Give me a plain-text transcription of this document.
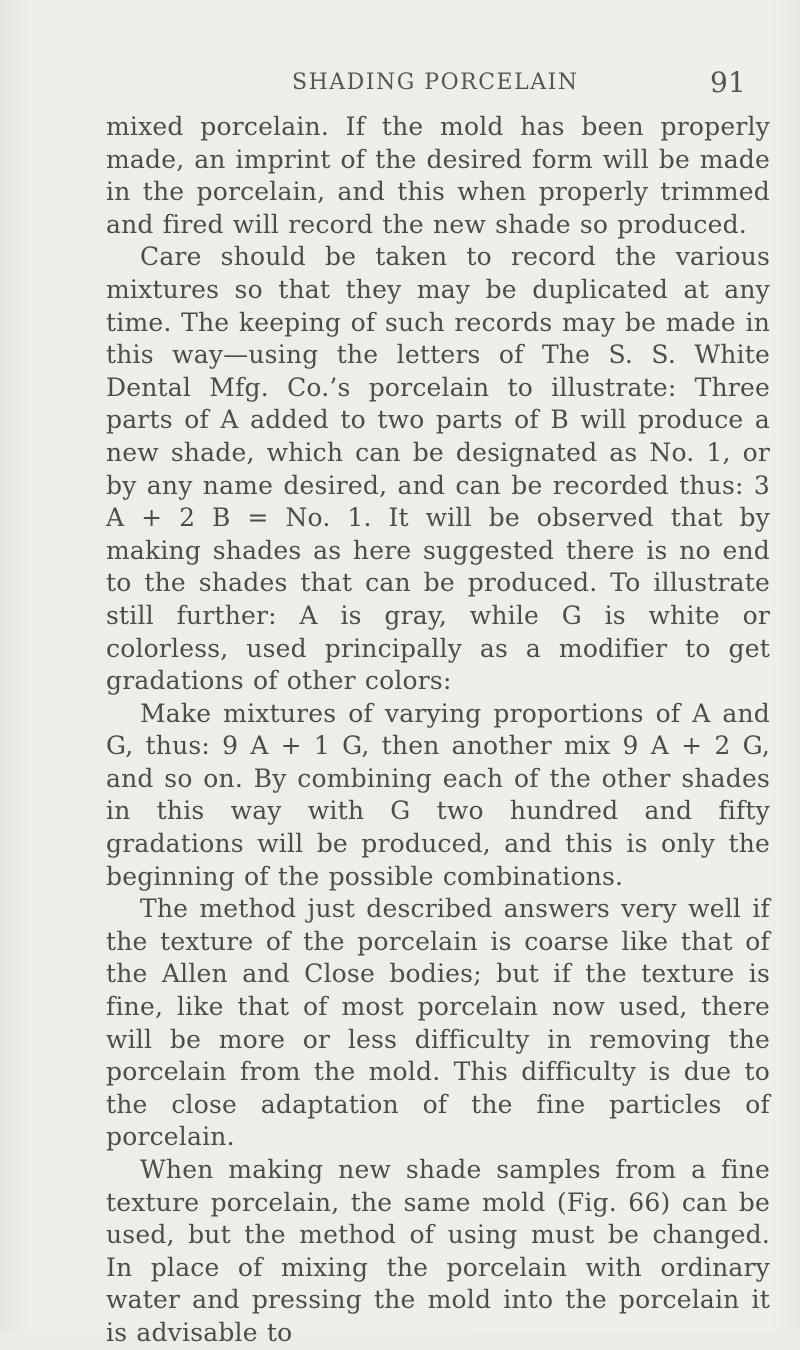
SHADING PORCELAIN	91

mixed porcelain. If the mold has been properly made, an imprint of the desired form will be made in the porcelain, and this when properly trimmed and fired will record the new shade so produced.

Care should be taken to record the various mixtures so that they may be duplicated at any time. The keeping of such records may be made in this way—using the letters of The S. S. White Dental Mfg. Co.’s porcelain to illustrate: Three parts of A added to two parts of B will produce a new shade, which can be designated as No. 1, or by any name desired, and can be recorded thus: 3 A + 2 B = No. 1. It will be observed that by making shades as here suggested there is no end to the shades that can be produced. To illustrate still further: A is gray, while G is white or colorless, used principally as a modifier to get gradations of other colors:

Make mixtures of varying proportions of A and G, thus: 9 A + 1 G, then another mix 9 A + 2 G, and so on. By combining each of the other shades in this way with G two hundred and fifty gradations will be produced, and this is only the beginning of the possible combinations.

The method just described answers very well if the texture of the porcelain is coarse like that of the Allen and Close bodies; but if the texture is fine, like that of most porcelain now used, there will be more or less difficulty in removing the porcelain from the mold. This difficulty is due to the close adaptation of the fine particles of porcelain.

When making new shade samples from a fine texture porcelain, the same mold (Fig. 66) can be used, but the method of using must be changed. In place of mixing the porcelain with ordinary water and pressing the mold into the porcelain it is advisable to
